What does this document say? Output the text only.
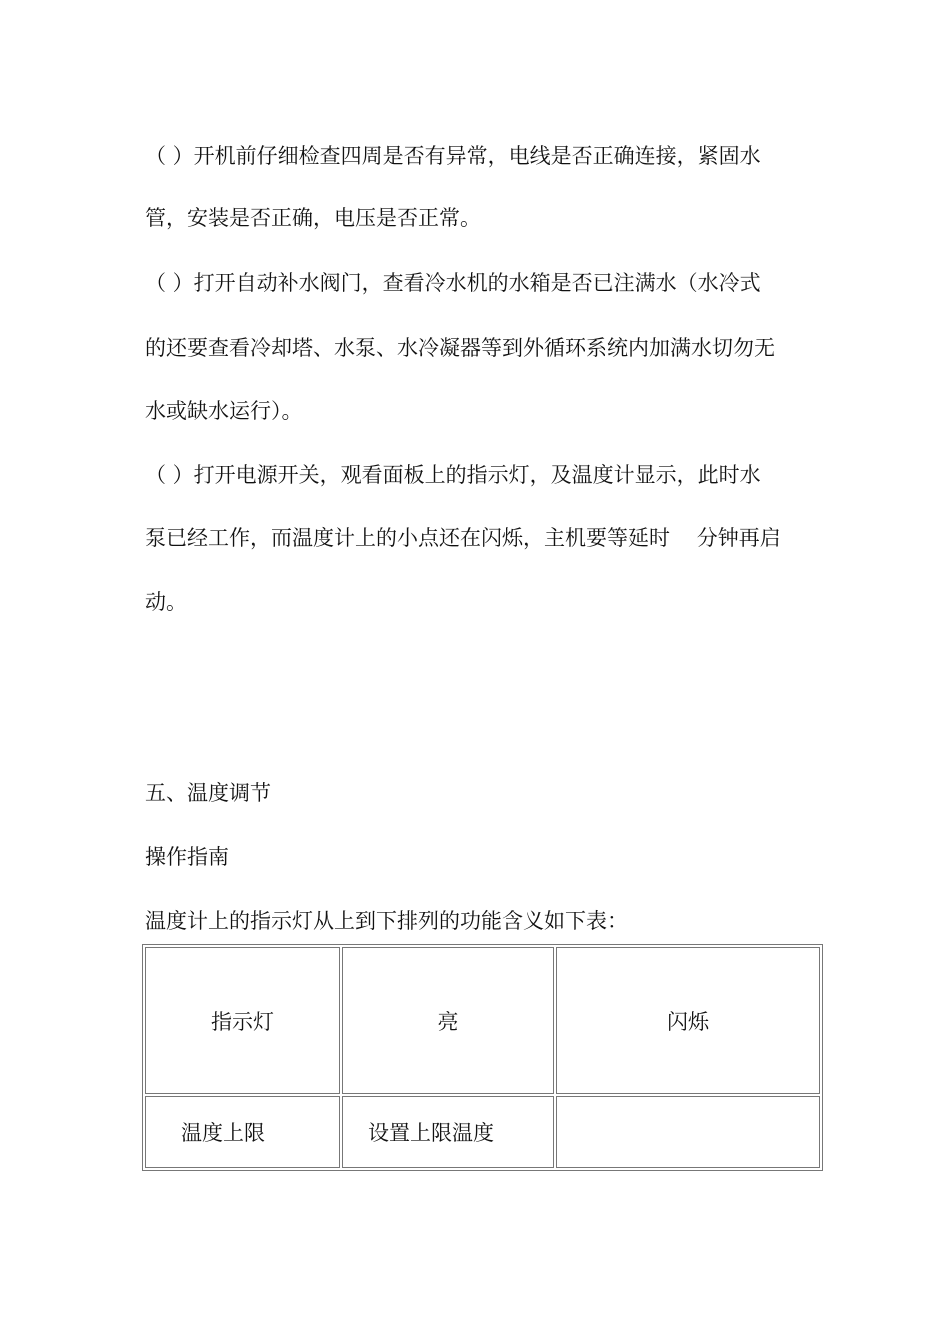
（ ）开机前仔细检查四周是否有异常，电线是否正确连接，紧固水

管，安装是否正确，电压是否正常。

（ ）打开自动补水阀门，查看冷水机的水箱是否已注满水（水冷式

的还要查看冷却塔、水泵、水冷凝器等到外循环系统内加满水切勿无

水或缺水运行）。

（ ）打开电源开关，观看面板上的指示灯，及温度计显示，此时水

泵已经工作，而温度计上的小点还在闪烁，主机要等延时    分钟再启

动。

五、温度调节

操作指南

温度计上的指示灯从上到下排列的功能含义如下表：

指示灯	亮	闪烁
温度上限	设置上限温度	
